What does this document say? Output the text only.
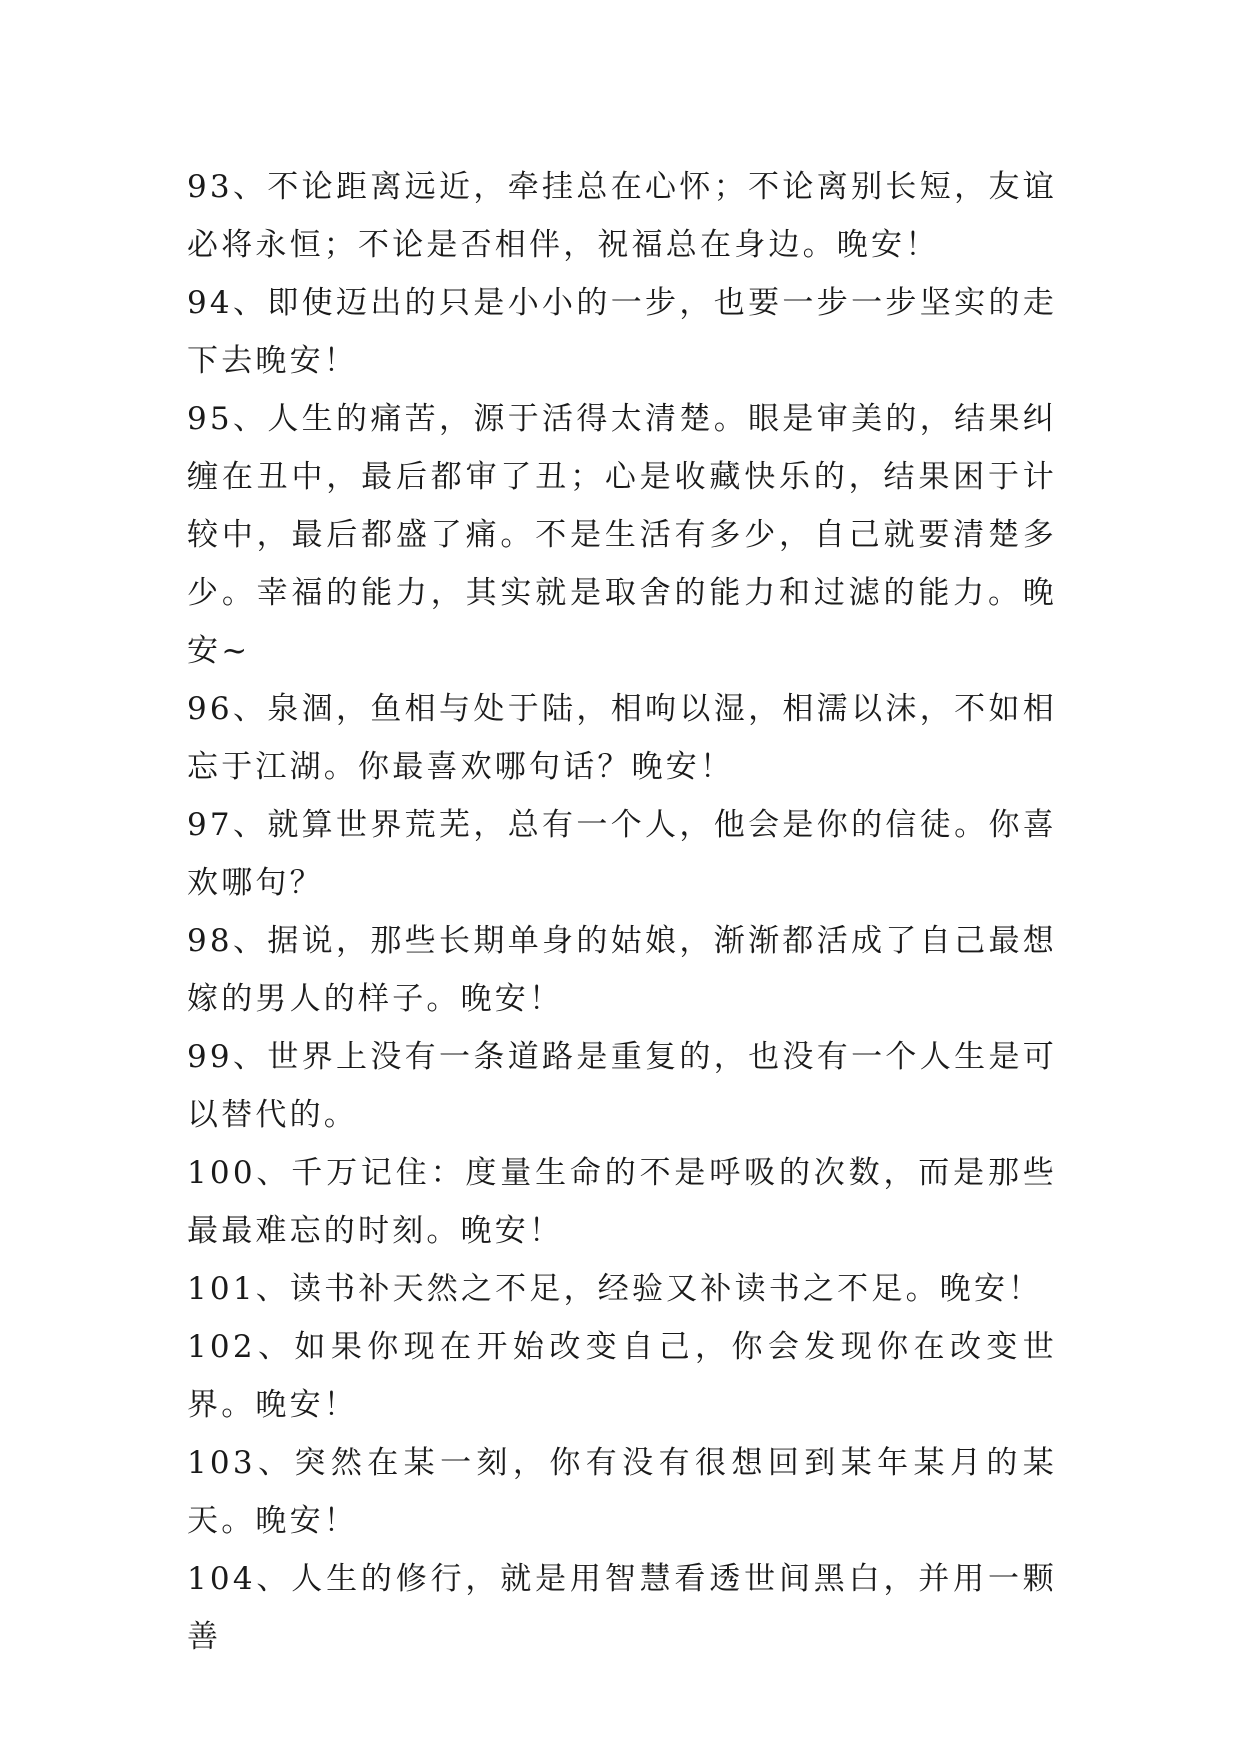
93、不论距离远近，牵挂总在心怀；不论离别长短，友谊必将永恒；不论是否相伴，祝福总在身边。晚安！

94、即使迈出的只是小小的一步，也要一步一步坚实的走下去晚安！

95、人生的痛苦，源于活得太清楚。眼是审美的，结果纠缠在丑中，最后都审了丑；心是收藏快乐的，结果困于计较中，最后都盛了痛。不是生活有多少，自己就要清楚多少。幸福的能力，其实就是取舍的能力和过滤的能力。晚安~

96、泉涸，鱼相与处于陆，相呴以湿，相濡以沫，不如相忘于江湖。你最喜欢哪句话？晚安！

97、就算世界荒芜，总有一个人，他会是你的信徒。你喜欢哪句？

98、据说，那些长期单身的姑娘，渐渐都活成了自己最想嫁的男人的样子。晚安！

99、世界上没有一条道路是重复的，也没有一个人生是可以替代的。

100、千万记住：度量生命的不是呼吸的次数，而是那些最最难忘的时刻。晚安！

101、读书补天然之不足，经验又补读书之不足。晚安！

102、如果你现在开始改变自己，你会发现你在改变世界。晚安！

103、突然在某一刻，你有没有很想回到某年某月的某天。晚安！

104、人生的修行，就是用智慧看透世间黑白，并用一颗善
